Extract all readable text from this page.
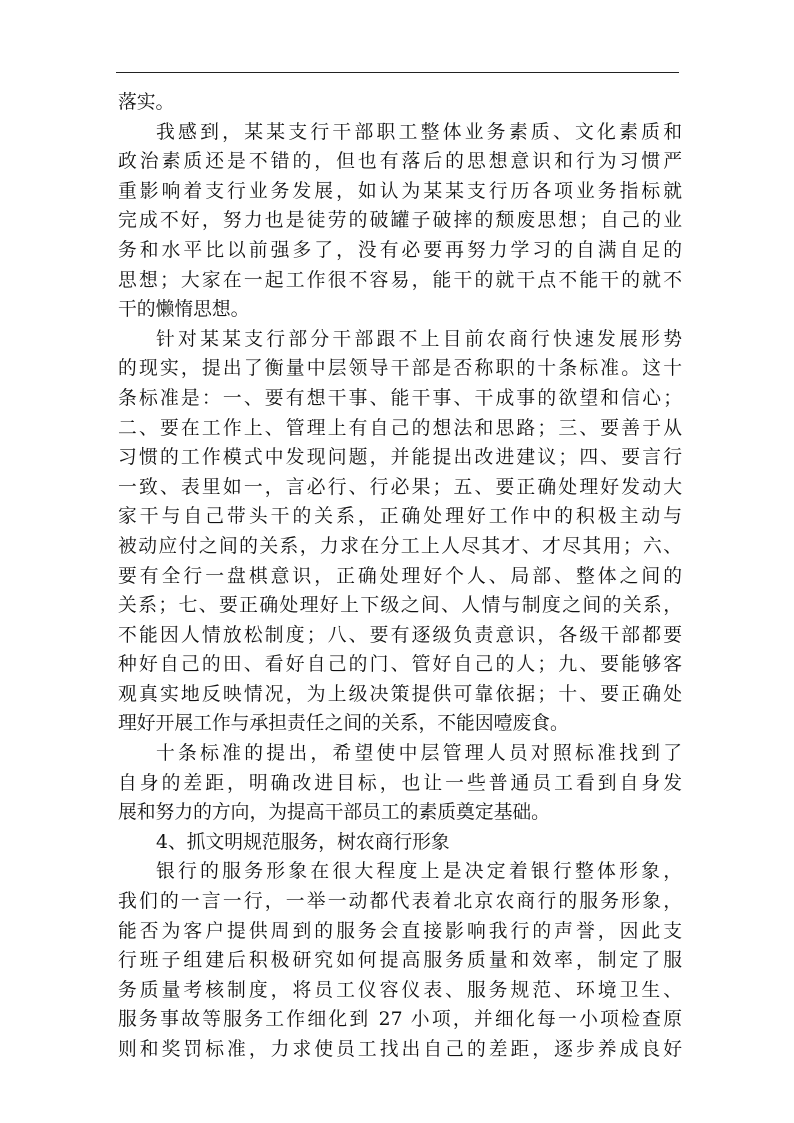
落实。
我感到，某某支行干部职工整体业务素质、文化素质和
政治素质还是不错的，但也有落后的思想意识和行为习惯严
重影响着支行业务发展，如认为某某支行历各项业务指标就
完成不好，努力也是徒劳的破罐子破摔的颓废思想；自己的业
务和水平比以前强多了，没有必要再努力学习的自满自足的
思想；大家在一起工作很不容易，能干的就干点不能干的就不
干的懒惰思想。
针对某某支行部分干部跟不上目前农商行快速发展形势
的现实，提出了衡量中层领导干部是否称职的十条标准。这十
条标准是：一、要有想干事、能干事、干成事的欲望和信心；
二、要在工作上、管理上有自己的想法和思路；三、要善于从
习惯的工作模式中发现问题，并能提出改进建议；四、要言行
一致、表里如一，言必行、行必果；五、要正确处理好发动大
家干与自己带头干的关系，正确处理好工作中的积极主动与
被动应付之间的关系，力求在分工上人尽其才、才尽其用；六、
要有全行一盘棋意识，正确处理好个人、局部、整体之间的
关系；七、要正确处理好上下级之间、人情与制度之间的关系，
不能因人情放松制度；八、要有逐级负责意识，各级干部都要
种好自己的田、看好自己的门、管好自己的人；九、要能够客
观真实地反映情况，为上级决策提供可靠依据；十、要正确处
理好开展工作与承担责任之间的关系，不能因噎废食。
十条标准的提出，希望使中层管理人员对照标准找到了
自身的差距，明确改进目标，也让一些普通员工看到自身发
展和努力的方向，为提高干部员工的素质奠定基础。
4、抓文明规范服务，树农商行形象
银行的服务形象在很大程度上是决定着银行整体形象，
我们的一言一行，一举一动都代表着北京农商行的服务形象，
能否为客户提供周到的服务会直接影响我行的声誉，因此支
行班子组建后积极研究如何提高服务质量和效率，制定了服
务质量考核制度，将员工仪容仪表、服务规范、环境卫生、
服务事故等服务工作细化到 27 小项，并细化每一小项检查原
则和奖罚标准，力求使员工找出自己的差距，逐步养成良好
